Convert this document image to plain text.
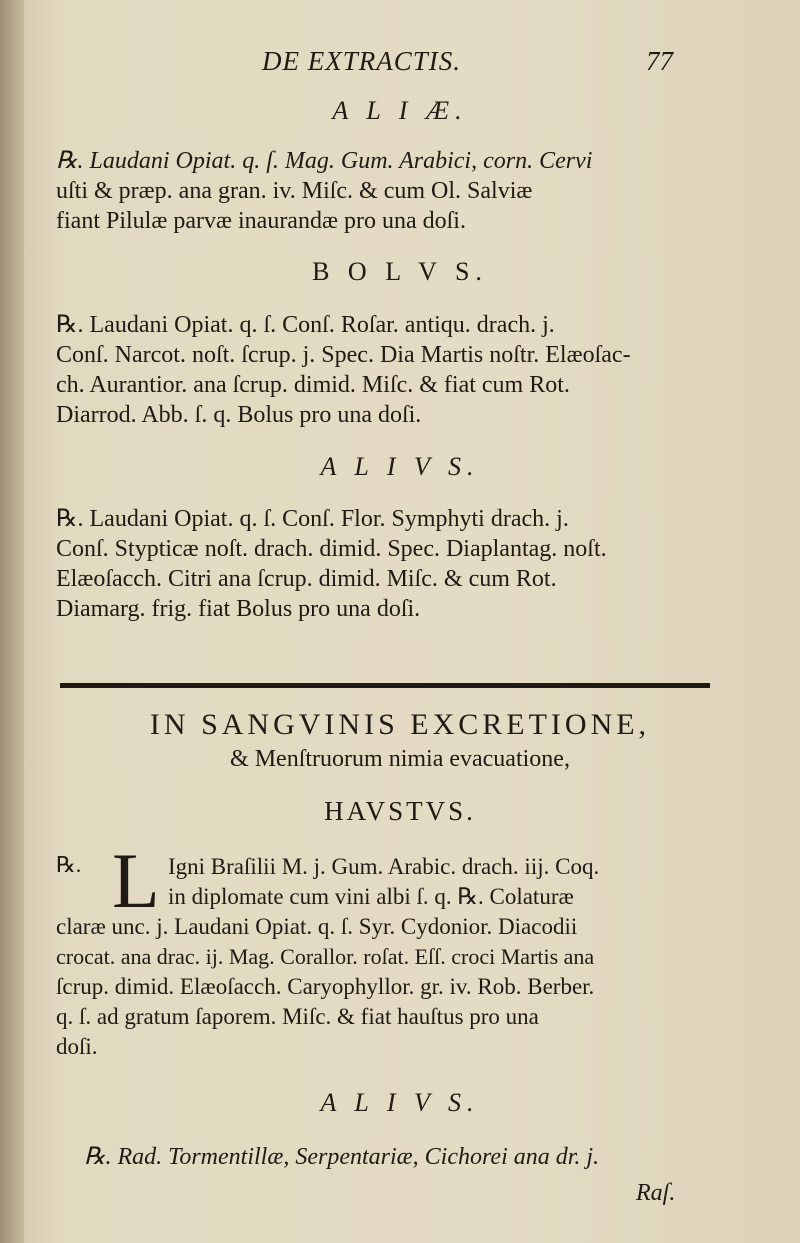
DE EXTRACTIS.	77
A L I Æ.

℞. Laudani Opiat. q. ſ. Mag. Gum. Arabici, corn. Cervi

uſti & præp. ana gran. iv. Miſc. & cum Ol. Salviæ

fiant Pilulæ parvæ inaurandæ pro una doſi.

B O L V S.

℞. Laudani Opiat. q. ſ. Conſ. Roſar. antiqu. drach. j.

Conſ. Narcot. noſt. ſcrup. j. Spec. Dia Martis noſtr. Elæoſac-

ch. Aurantior. ana ſcrup. dimid. Miſc. & fiat cum Rot.

Diarrod. Abb. ſ. q. Bolus pro una doſi.

A L I V S.

℞. Laudani Opiat. q. ſ. Conſ. Flor. Symphyti drach. j.

Conſ. Stypticæ noſt. drach. dimid. Spec. Diaplantag. noſt.

Elæoſacch. Citri ana ſcrup. dimid. Miſc. & cum Rot.

Diamarg. frig. fiat Bolus pro una doſi.

IN SANGVINIS EXCRETIONE,
& Menſtruorum nimia evacuatione,
HAVSTVS.
℞. L Igni Braſilii M. j. Gum. Arabic. drach. iij. Coq.

in diplomate cum vini albi ſ. q. ℞. Colaturæ

claræ unc. j. Laudani Opiat. q. ſ. Syr. Cydonior. Diacodii

crocat. ana drac. ij. Mag. Corallor. roſat. Eſſ. croci Martis ana

ſcrup. dimid. Elæoſacch. Caryophyllor. gr. iv. Rob. Berber.

q. ſ. ad gratum ſaporem. Miſc. & fiat hauſtus pro una

doſi.

A L I V S.

℞. Rad. Tormentillæ, Serpentariæ, Cichorei ana dr. j.

Raſ.
